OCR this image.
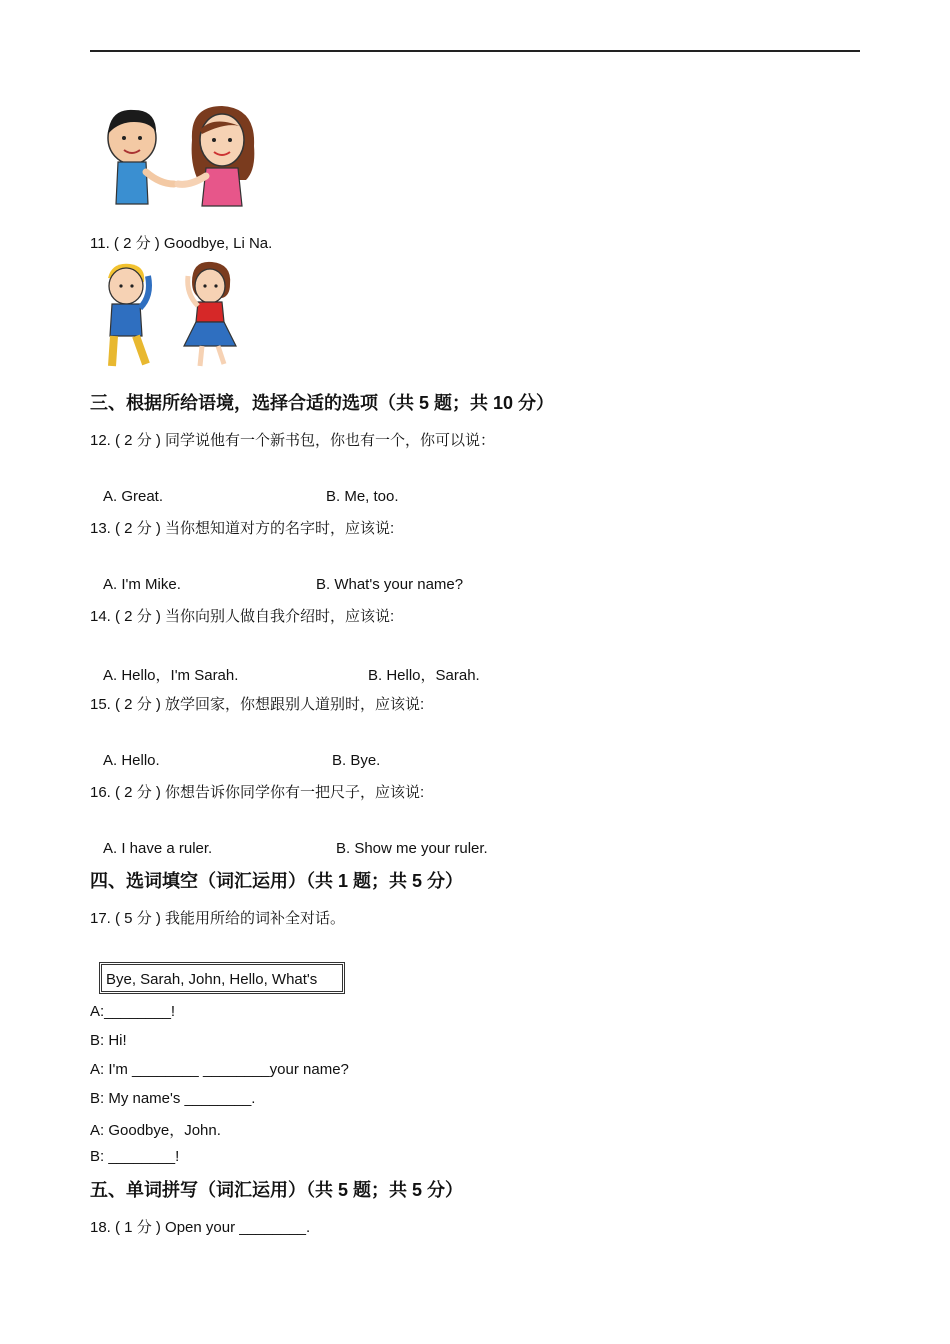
11. ( 2 分 ) Goodbye, Li Na.
三、根据所给语境，选择合适的选项（共 5 题；共 10 分）
12. ( 2 分 ) 同学说他有一个新书包，你也有一个，你可以说：
A. Great.	B. Me, too.
13. ( 2 分 ) 当你想知道对方的名字时，应该说:
A. I'm Mike.	B. What's your name?
14. ( 2 分 ) 当你向别人做自我介绍时，应该说:
A. Hello，I'm Sarah.	B. Hello，Sarah.
15. ( 2 分 ) 放学回家，你想跟别人道别时，应该说:
A. Hello.	B. Bye.
16. ( 2 分 ) 你想告诉你同学你有一把尺子，应该说:
A. I have a ruler.	B. Show me your ruler.
四、选词填空（词汇运用）（共 1 题；共 5 分）
17. ( 5 分 ) 我能用所给的词补全对话。
Bye, Sarah, John, Hello, What's
A:________!
B: Hi!
A: I'm ________ ________your name?
B: My name's ________.
A: Goodbye，John.
B: ________!
五、单词拼写（词汇运用）（共 5 题；共 5 分）
18. ( 1 分 ) Open your ________.
